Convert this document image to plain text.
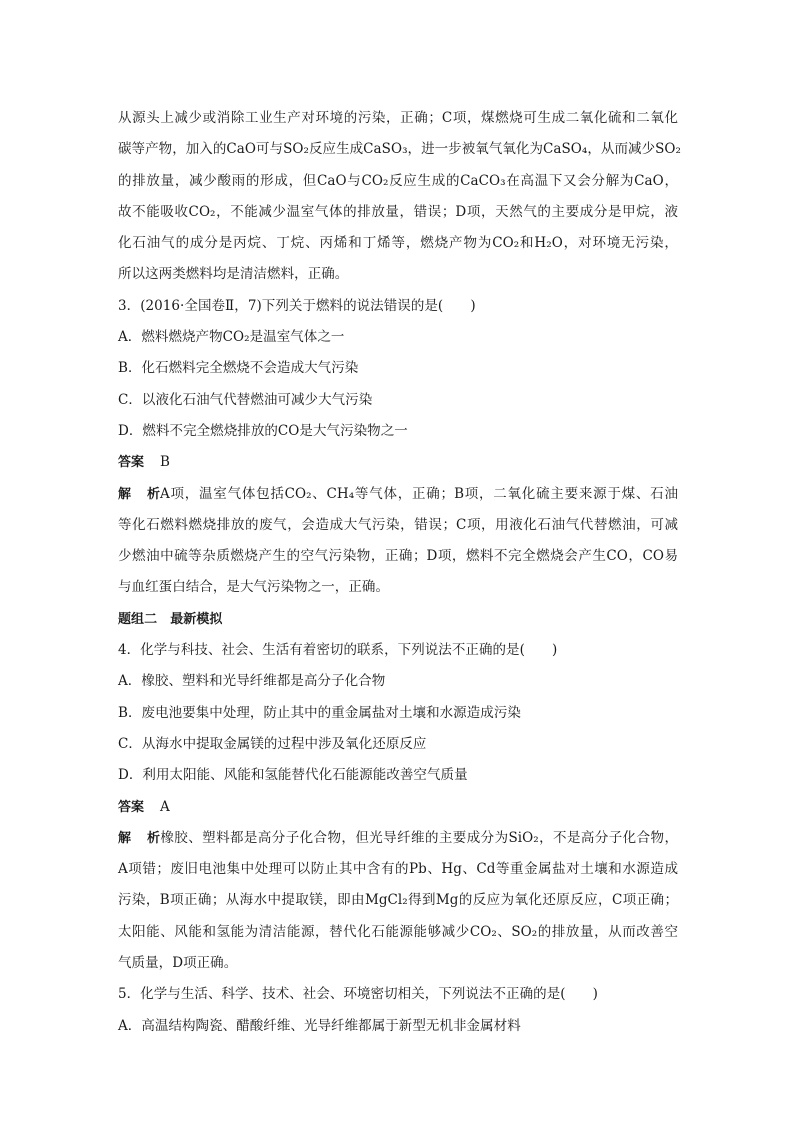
从源头上减少或消除工业生产对环境的污染，正确；C项，煤燃烧可生成二氧化硫和二氧化
碳等产物，加入的CaO可与SO₂反应生成CaSO₃，进一步被氧气氧化为CaSO₄，从而减少SO₂
的排放量，减少酸雨的形成，但CaO与CO₂反应生成的CaCO₃在高温下又会分解为CaO，
故不能吸收CO₂，不能减少温室气体的排放量，错误；D项，天然气的主要成分是甲烷，液
化石油气的成分是丙烷、丁烷、丙烯和丁烯等，燃烧产物为CO₂和H₂O，对环境无污染，
所以这两类燃料均是清洁燃料，正确。
3．(2016·全国卷Ⅱ，7)下列关于燃料的说法错误的是(　　)
A．燃料燃烧产物CO₂是温室气体之一
B．化石燃料完全燃烧不会造成大气污染
C．以液化石油气代替燃油可减少大气污染
D．燃料不完全燃烧排放的CO是大气污染物之一
答案 B
解析A项，温室气体包括CO₂、CH₄等气体，正确；B项，二氧化硫主要来源于煤、石油
等化石燃料燃烧排放的废气，会造成大气污染，错误；C项，用液化石油气代替燃油，可减
少燃油中硫等杂质燃烧产生的空气污染物，正确；D项，燃料不完全燃烧会产生CO，CO易
与血红蛋白结合，是大气污染物之一，正确。
题组二　最新模拟
4．化学与科技、社会、生活有着密切的联系，下列说法不正确的是(　　)
A．橡胶、塑料和光导纤维都是高分子化合物
B．废电池要集中处理，防止其中的重金属盐对土壤和水源造成污染
C．从海水中提取金属镁的过程中涉及氧化还原反应
D．利用太阳能、风能和氢能替代化石能源能改善空气质量
答案 A
解析橡胶、塑料都是高分子化合物，但光导纤维的主要成分为SiO₂，不是高分子化合物，
A项错；废旧电池集中处理可以防止其中含有的Pb、Hg、Cd等重金属盐对土壤和水源造成
污染，B项正确；从海水中提取镁，即由MgCl₂得到Mg的反应为氧化还原反应，C项正确；
太阳能、风能和氢能为清洁能源，替代化石能源能够减少CO₂、SO₂的排放量，从而改善空
气质量，D项正确。
5．化学与生活、科学、技术、社会、环境密切相关，下列说法不正确的是(　　)
A．高温结构陶瓷、醋酸纤维、光导纤维都属于新型无机非金属材料
